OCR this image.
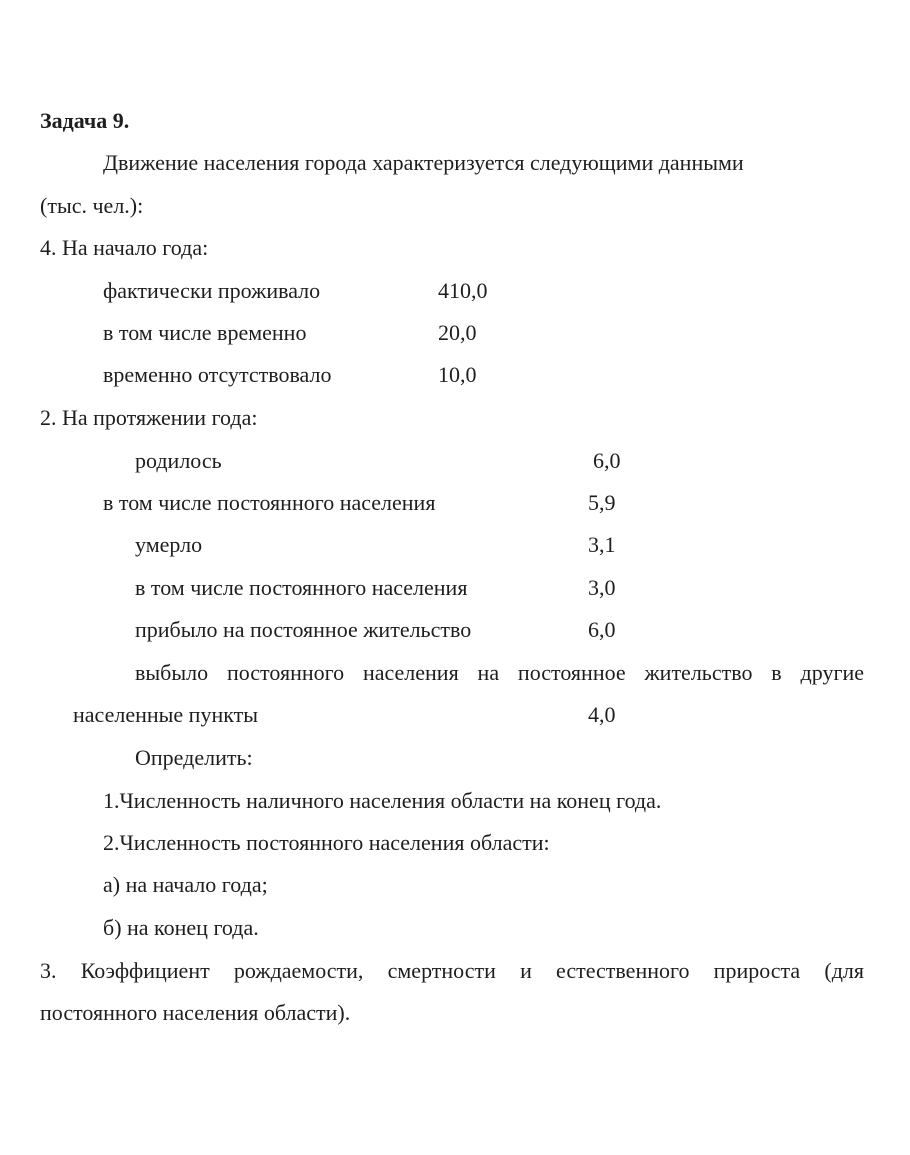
Задача 9.
Движение населения города характеризуется следующими данными
(тыс. чел.):
4. На начало года:
фактически проживало	410,0
в том числе временно	20,0
временно отсутствовало	10,0
2. На протяжении года:
родилось	6,0
в том числе постоянного населения	5,9
умерло	3,1
в том числе постоянного населения	3,0
прибыло на постоянное жительство	6,0
выбыло постоянного населения на постоянное жительство в другие
населенные пункты	4,0
Определить:
1.Численность наличного населения области на конец года.
2.Численность постоянного населения области:
а) на начало года;
б) на конец года.
3. Коэффициент рождаемости, смертности и естественного прироста (для
постоянного населения области).
